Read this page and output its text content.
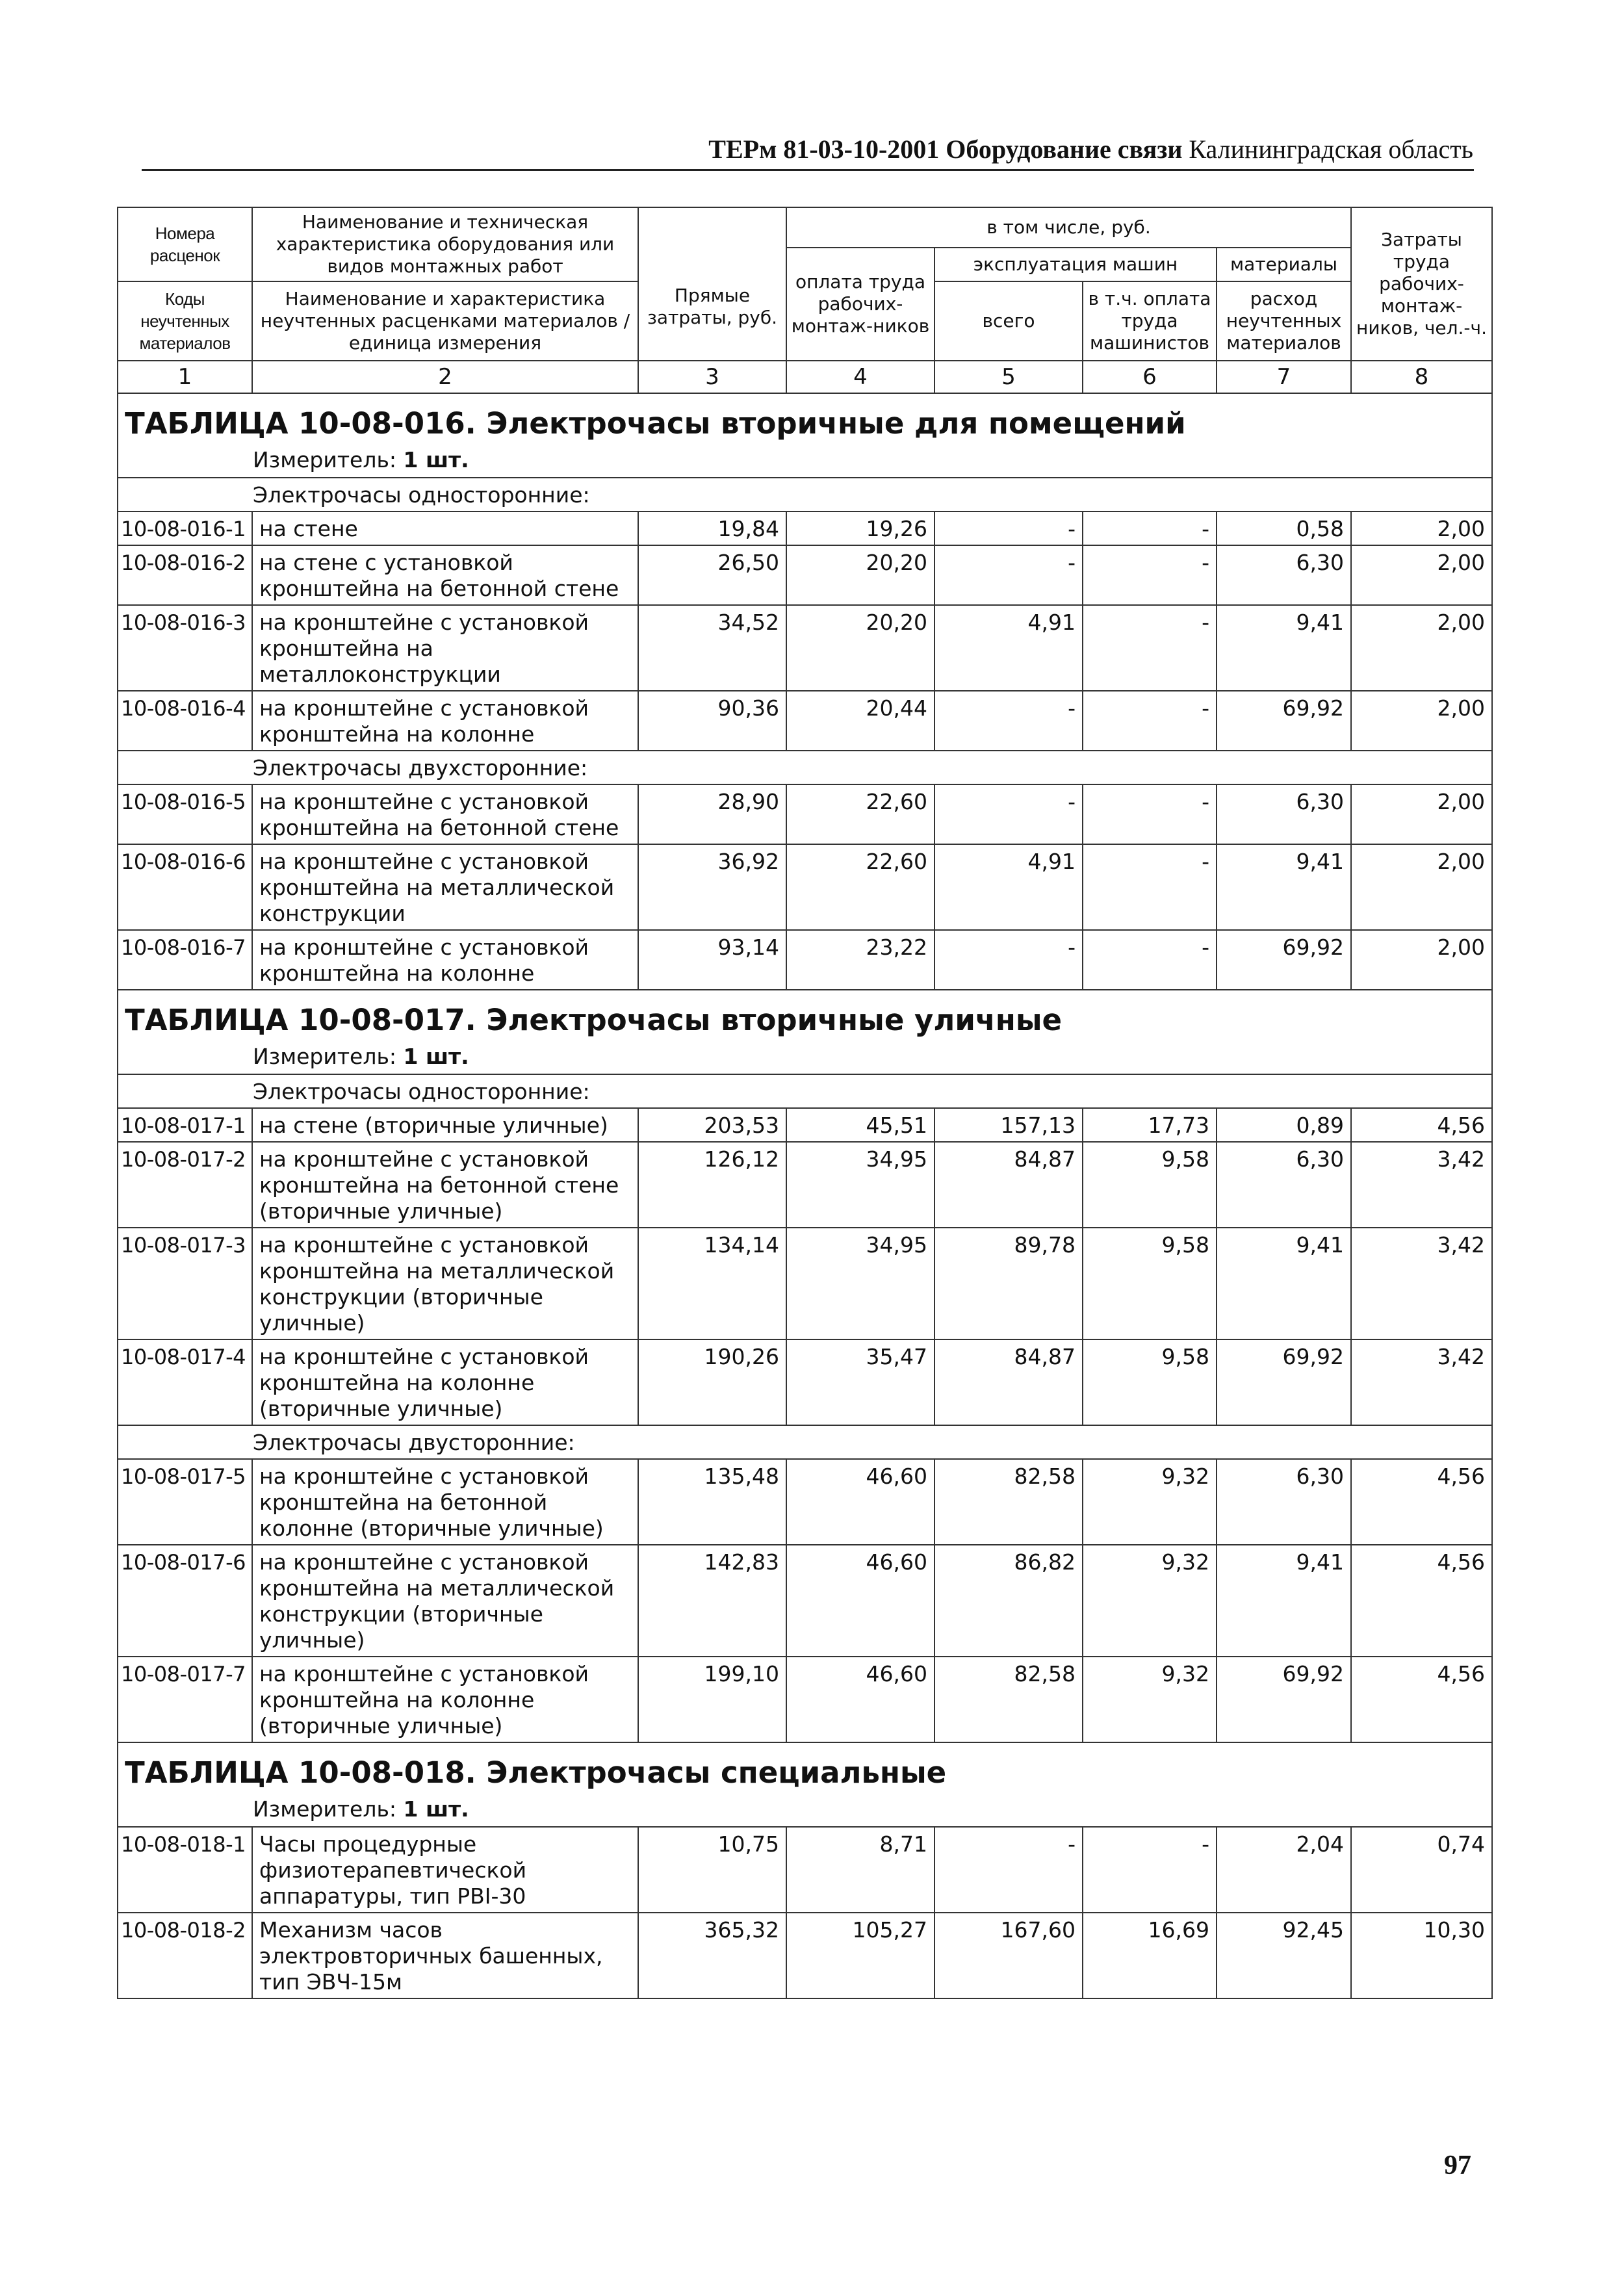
ТЕРм 81-03-10-2001 Оборудование связи Калининградская область
Номера расценок	Наименование и техническая характеристика оборудования или видов монтажных работ	Прямые затраты, руб.	в том числе, руб.				Затраты труда рабочих-монтаж-ников, чел.-ч.
			оплата труда рабочих-монтаж-ников	эксплуатация машин		материалы	
Коды неучтенных материалов	Наименование и характеристика неучтенных расценками материалов / единица измерения			всего	в т.ч. оплата труда машинистов	расход неучтенных материалов	

1	2	3	4	5	6	7	8
ТАБЛИЦА 10-08-016. Электрочасы вторичные для помещений							
Измеритель: 1 шт.							
Электрочасы односторонние:							
10-08-016-1	на стене	19,84	19,26	-	-	0,58	2,00
10-08-016-2	на стене с установкой кронштейна на бетонной стене	26,50	20,20	-	-	6,30	2,00
10-08-016-3	на кронштейне с установкой кронштейна на металлоконструкции	34,52	20,20	4,91	-	9,41	2,00
10-08-016-4	на кронштейне с установкой кронштейна на колонне	90,36	20,44	-	-	69,92	2,00
Электрочасы двухсторонние:							
10-08-016-5	на кронштейне с установкой кронштейна на бетонной стене	28,90	22,60	-	-	6,30	2,00
10-08-016-6	на кронштейне с установкой кронштейна на металлической конструкции	36,92	22,60	4,91	-	9,41	2,00
10-08-016-7	на кронштейне с установкой кронштейна на колонне	93,14	23,22	-	-	69,92	2,00
ТАБЛИЦА 10-08-017. Электрочасы вторичные уличные							
Измеритель: 1 шт.							
Электрочасы односторонние:							
10-08-017-1	на стене (вторичные уличные)	203,53	45,51	157,13	17,73	0,89	4,56
10-08-017-2	на кронштейне с установкой кронштейна на бетонной стене (вторичные уличные)	126,12	34,95	84,87	9,58	6,30	3,42
10-08-017-3	на кронштейне с установкой кронштейна на металлической конструкции (вторичные уличные)	134,14	34,95	89,78	9,58	9,41	3,42
10-08-017-4	на кронштейне с установкой кронштейна на колонне (вторичные уличные)	190,26	35,47	84,87	9,58	69,92	3,42
Электрочасы двусторонние:							
10-08-017-5	на кронштейне с установкой кронштейна на бетонной колонне (вторичные уличные)	135,48	46,60	82,58	9,32	6,30	4,56
10-08-017-6	на кронштейне с установкой кронштейна на металлической конструкции (вторичные уличные)	142,83	46,60	86,82	9,32	9,41	4,56
10-08-017-7	на кронштейне с установкой кронштейна на колонне (вторичные уличные)	199,10	46,60	82,58	9,32	69,92	4,56
ТАБЛИЦА 10-08-018. Электрочасы специальные							
Измеритель: 1 шт.							
10-08-018-1	Часы процедурные физиотерапевтической аппаратуры, тип PBI-30	10,75	8,71	-	-	2,04	0,74
10-08-018-2	Механизм часов электровторичных башенных, тип ЭВЧ-15м	365,32	105,27	167,60	16,69	92,45	10,30
97
